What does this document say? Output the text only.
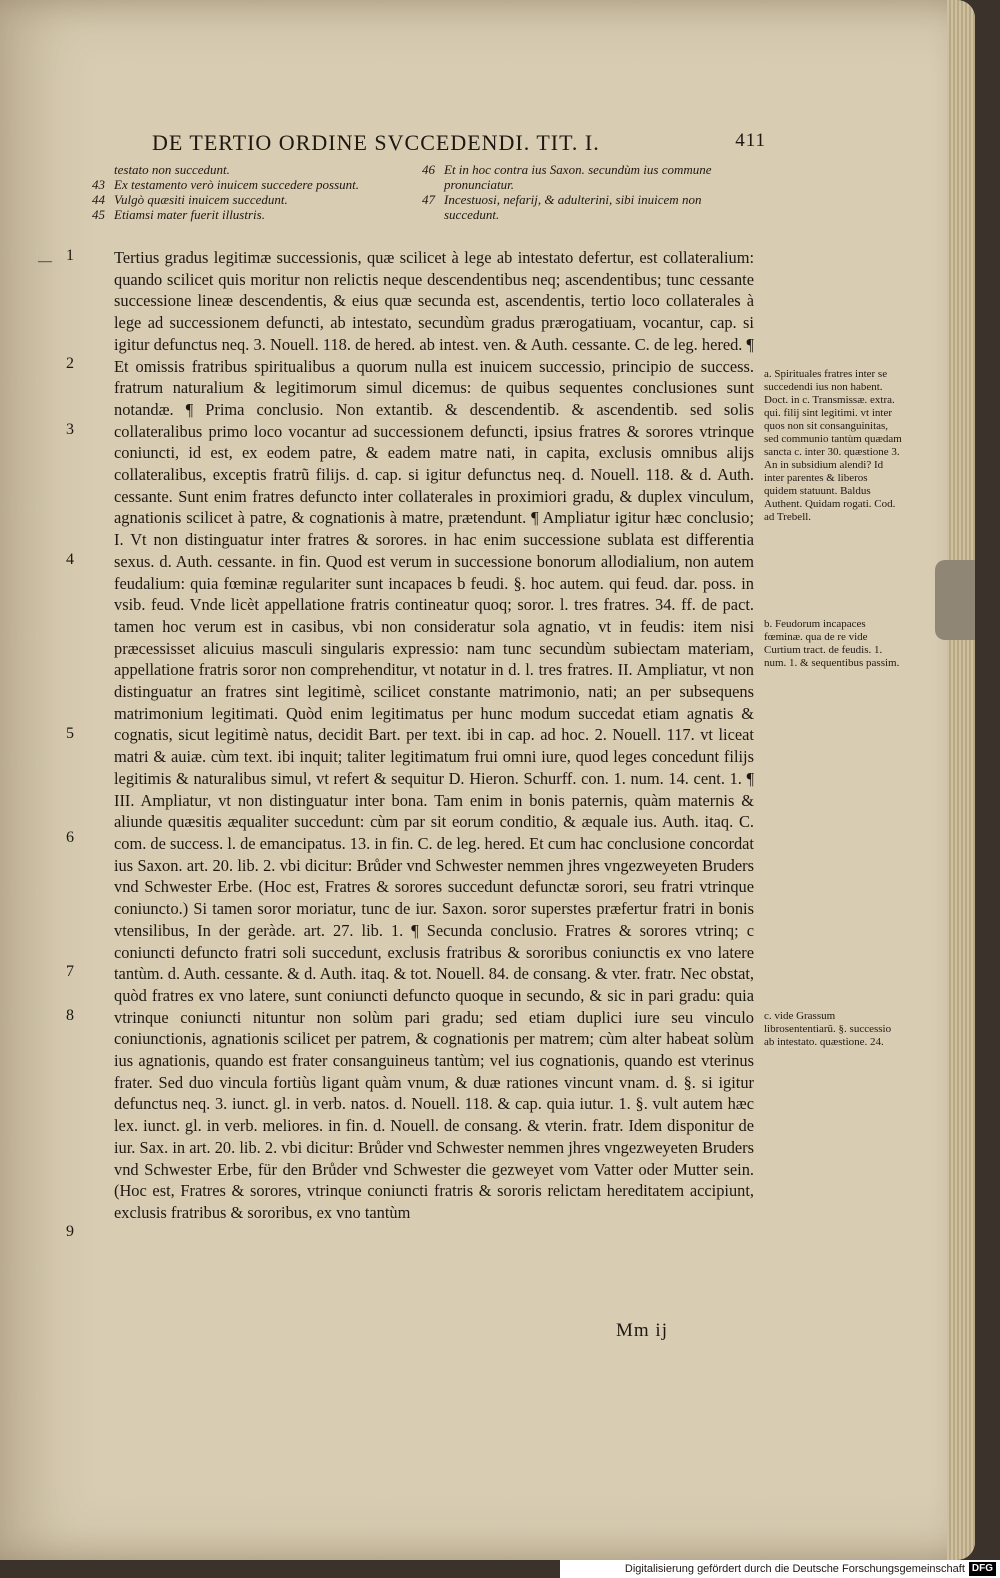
DE TERTIO ORDINE SVCCEDENDI. TIT. I.	411
testato non succedunt.
43 Ex testamento verò inuicem succedere possunt.
44 Vulgò quæsiti inuicem succedunt.
45 Etiamsi mater fuerit illustris.
46 Et in hoc contra ius Saxon. secundùm ius commune
pronunciatur.
47 Incestuosi, nefarij, & adulterini, sibi inuicem non
succedunt.
— 1
2
3
4
5
6
7
8
9

Tertius gradus legitimæ successionis, quæ scilicet à lege ab intestato defertur, est collateralium: quando scilicet quis moritur non relictis neque descendentibus neq; ascendentibus; tunc cessante successione lineæ descendentis, & eius quæ secunda est, ascendentis, tertio loco collaterales à lege ad successionem defuncti, ab intestato, secundùm gradus prærogatiuam, vocantur, cap. si igitur defunctus neq. 3. Nouell. 118. de hered. ab intest. ven. & Auth. cessante. C. de leg. hered. ¶ Et omissis fratribus spiritualibus a quorum nulla est inuicem successio, principio de success. fratrum naturalium & legitimorum simul dicemus: de quibus sequentes conclusiones sunt notandæ. ¶ Prima conclusio. Non extantib. & descendentib. & ascendentib. sed solis collateralibus primo loco vocantur ad successionem defuncti, ipsius fratres & sorores vtrinque coniuncti, id est, ex eodem patre, & eadem matre nati, in capita, exclusis omnibus alijs collateralibus, exceptis fratrũ filijs. d. cap. si igitur defunctus neq. d. Nouell. 118. & d. Auth. cessante. Sunt enim fratres defuncto inter collaterales in proximiori gradu, & duplex vinculum, agnationis scilicet à patre, & cognationis à matre, prætendunt. ¶ Ampliatur igitur hæc conclusio; I. Vt non distinguatur inter fratres & sorores. in hac enim successione sublata est differentia sexus. d. Auth. cessante. in fin. Quod est verum in successione bonorum allodialium, non autem feudalium: quia fœminæ regulariter sunt incapaces b feudi. §. hoc autem. qui feud. dar. poss. in vsib. feud. Vnde licèt appellatione fratris contineatur quoq; soror. l. tres fratres. 34. ff. de pact. tamen hoc verum est in casibus, vbi non consideratur sola agnatio, vt in feudis: item nisi præcessisset alicuius masculi singularis expressio: nam tunc secundùm subiectam materiam, appellatione fratris soror non comprehenditur, vt notatur in d. l. tres fratres. II. Ampliatur, vt non distinguatur an fratres sint legitimè, scilicet constante matrimonio, nati; an per subsequens matrimonium legitimati. Quòd enim legitimatus per hunc modum succedat etiam agnatis & cognatis, sicut legitimè natus, decidit Bart. per text. ibi in cap. ad hoc. 2. Nouell. 117. vt liceat matri & auiæ. cùm text. ibi inquit; taliter legitimatum frui omni iure, quod leges concedunt filijs legitimis & naturalibus simul, vt refert & sequitur D. Hieron. Schurff. con. 1. num. 14. cent. 1. ¶ III. Ampliatur, vt non distinguatur inter bona. Tam enim in bonis paternis, quàm maternis & aliunde quæsitis æqualiter succedunt: cùm par sit eorum conditio, & æquale ius. Auth. itaq. C. com. de success. l. de emancipatus. 13. in fin. C. de leg. hered. Et cum hac conclusione concordat ius Saxon. art. 20. lib. 2. vbi dicitur: Brůder vnd Schwester nemmen jhres vngezweyeten Bruders vnd Schwester Erbe. (Hoc est, Fratres & sorores succedunt defunctæ sorori, seu fratri vtrinque coniuncto.) Si tamen soror moriatur, tunc de iur. Saxon. soror superstes præfertur fratri in bonis vtensilibus, In der geràde. art. 27. lib. 1. ¶ Secunda conclusio. Fratres & sorores vtrinq; c coniuncti defuncto fratri soli succedunt, exclusis fratribus & sororibus coniunctis ex vno latere tantùm. d. Auth. cessante. & d. Auth. itaq. & tot. Nouell. 84. de consang. & vter. fratr. Nec obstat, quòd fratres ex vno latere, sunt coniuncti defuncto quoque in secundo, & sic in pari gradu: quia vtrinque coniuncti nituntur non solùm pari gradu; sed etiam duplici iure seu vinculo coniunctionis, agnationis scilicet per patrem, & cognationis per matrem; cùm alter habeat solùm ius agnationis, quando est frater consanguineus tantùm; vel ius cognationis, quando est vterinus frater. Sed duo vincula fortiùs ligant quàm vnum, & duæ rationes vincunt vnam. d. §. si igitur defunctus neq. 3. iunct. gl. in verb. natos. d. Nouell. 118. & cap. quia iutur. 1. §. vult autem hæc lex. iunct. gl. in verb. meliores. in fin. d. Nouell. de consang. & vterin. fratr. Idem disponitur de iur. Sax. in art. 20. lib. 2. vbi dicitur: Brůder vnd Schwester nemmen jhres vngezweyeten Bruders vnd Schwester Erbe, für den Brůder vnd Schwester die gezweyet vom Vatter oder Mutter sein. (Hoc est, Fratres & sorores, vtrinque coniuncti fratris & sororis relictam hereditatem accipiunt, exclusis fratribus & sororibus, ex vno tantùm

a. Spirituales fratres inter se succedendi ius non habent. Doct. in c. Transmissæ. extra. qui. filij sint legitimi. vt inter quos non sit consanguinitas, sed communio tantùm quædam sancta c. inter 30. quæstione 3. An in subsidium alendi? Id inter parentes & liberos quidem statuunt. Baldus Authent. Quidam rogati. Cod. ad Trebell.
b. Feudorum incapaces fœminæ. qua de re vide Curtium tract. de feudis. 1. num. 1. & sequentibus passim.
c. vide Grassum librosententiarũ. §. successio ab intestato. quæstione. 24.
Mm ij
Digitalisierung gefördert durch die Deutsche Forschungsgemeinschaft DFG
